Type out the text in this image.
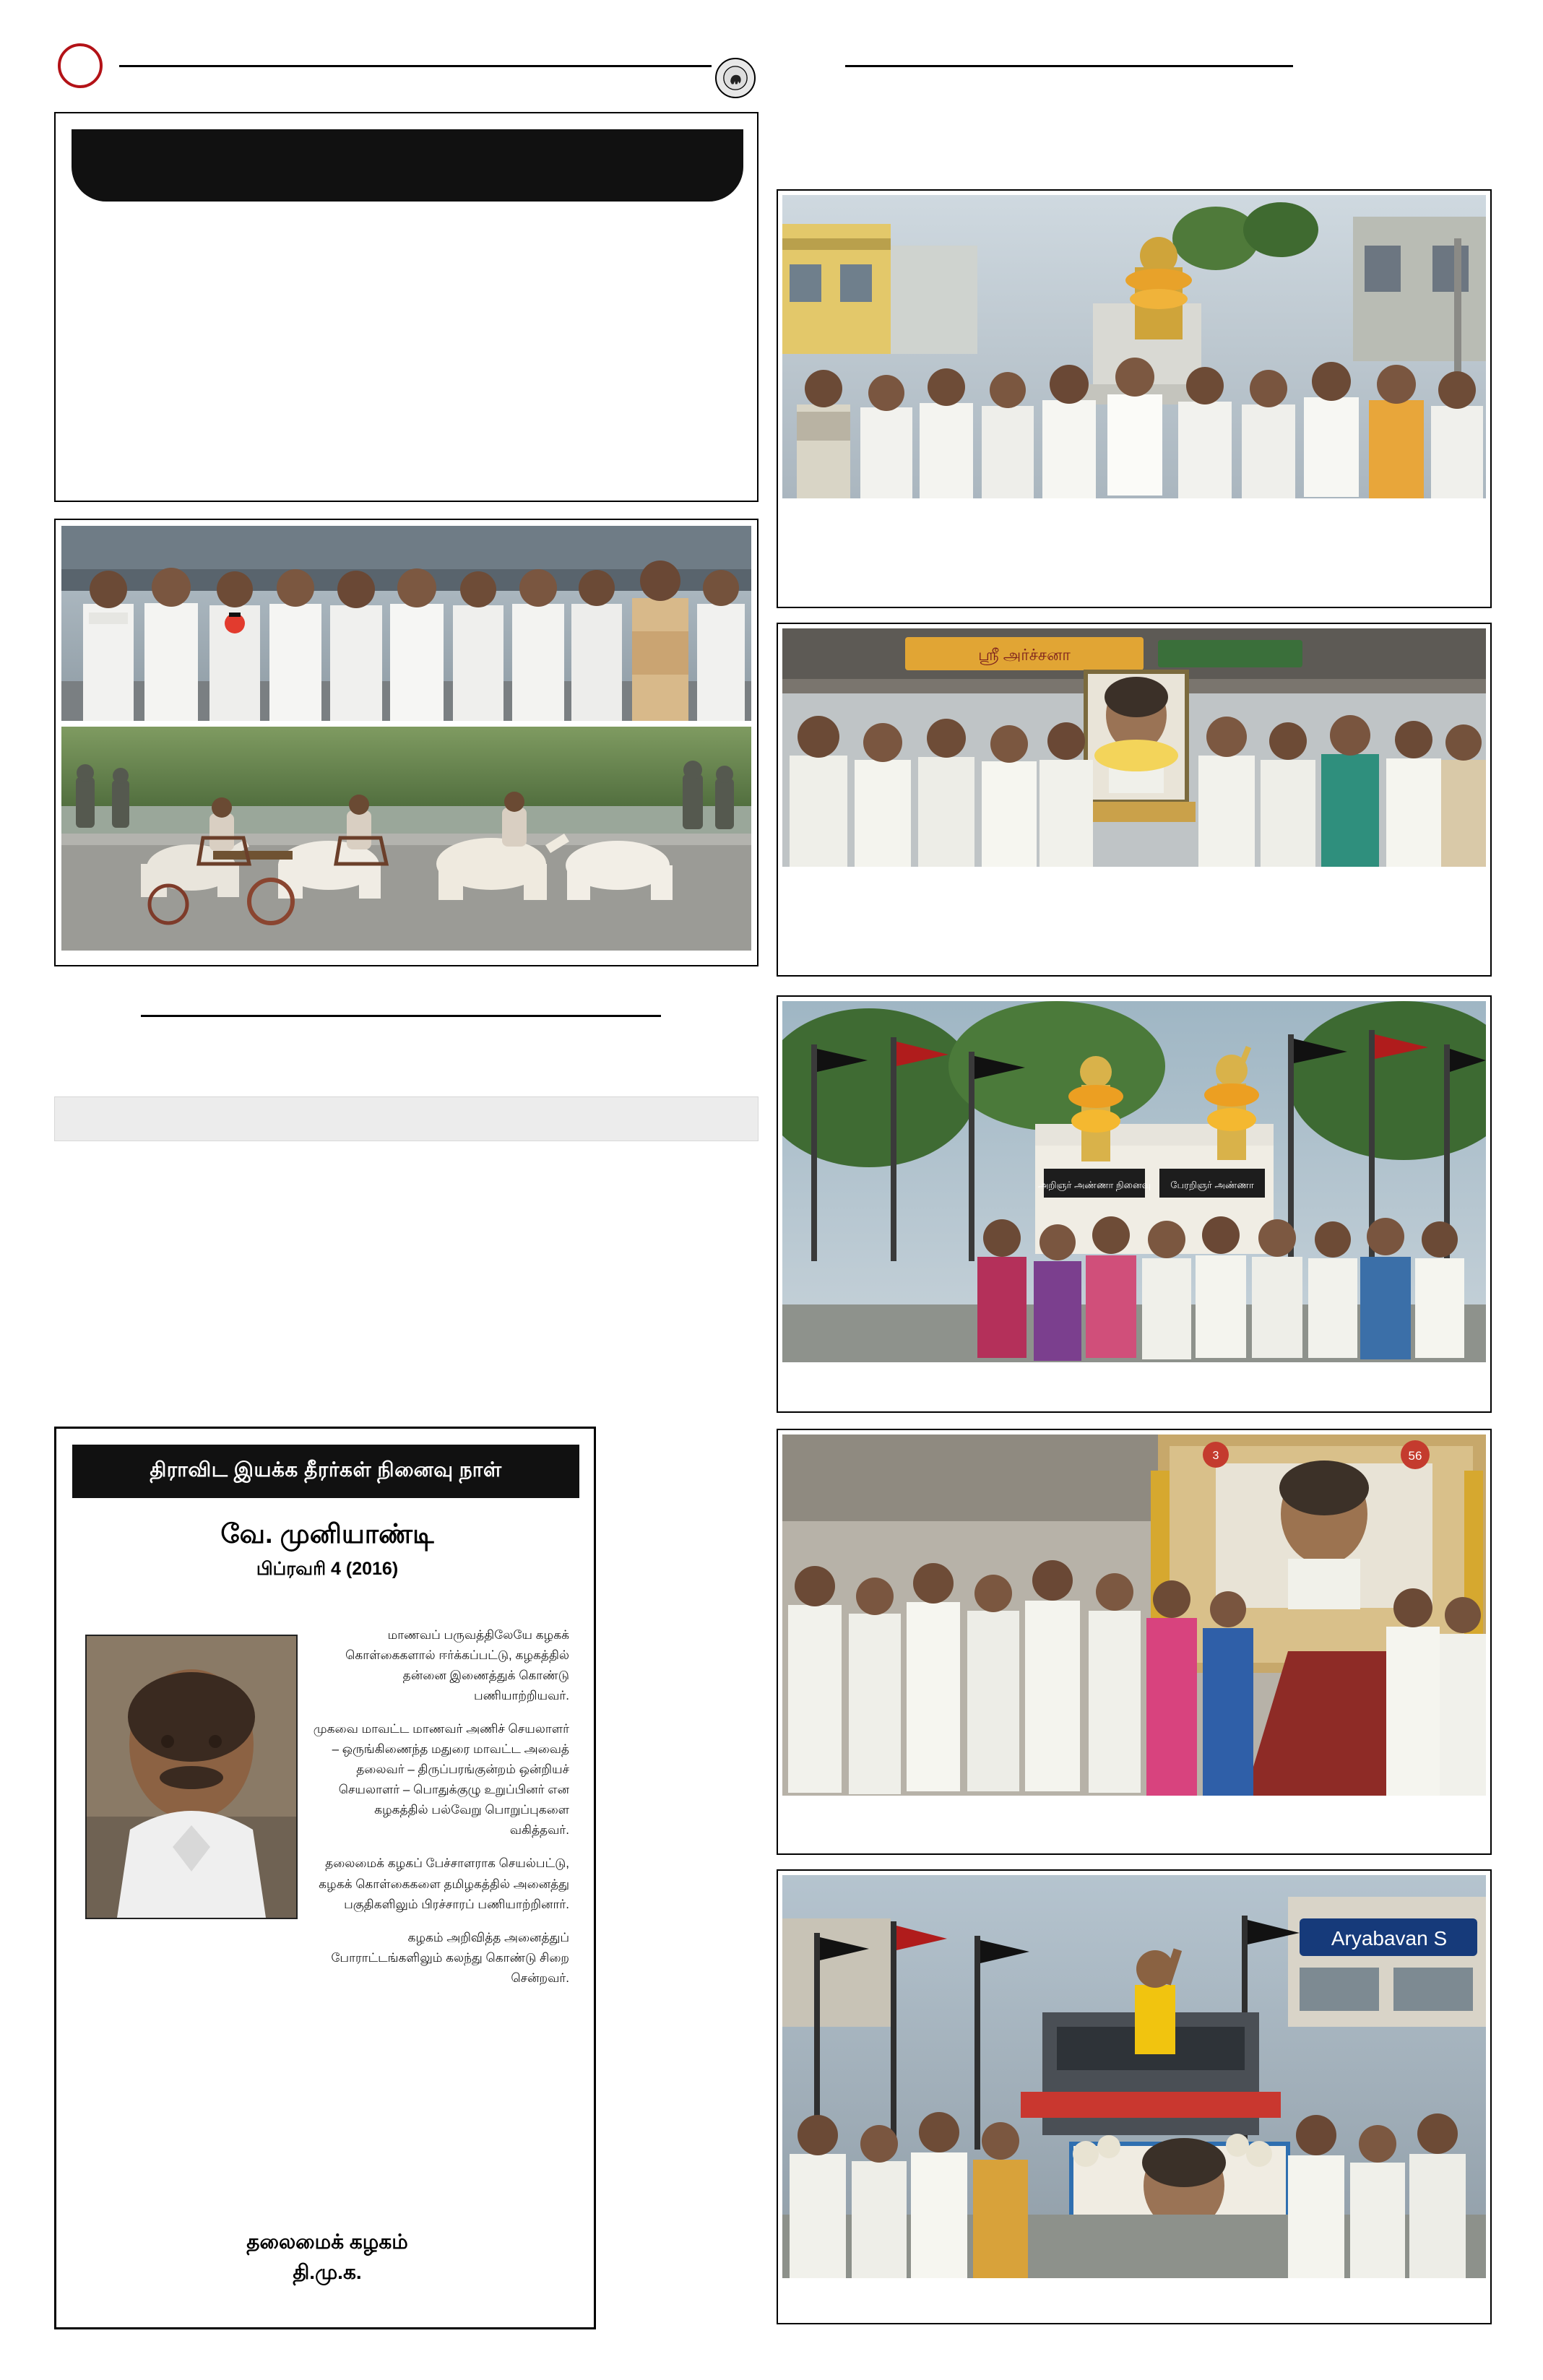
திராவிட இயக்க தீரர்கள் நினைவு நாள்
வே. முனியாண்டி
பிப்ரவரி 4 (2016)

மாணவப் பருவத்திலேயே கழகக் கொள்கைகளால் ஈர்க்கப்பட்டு, கழகத்தில் தன்னை இணைத்துக் கொண்டு பணியாற்றியவர்.

முகவை மாவட்ட மாணவர் அணிச் செயலாளர் – ஒருங்கிணைந்த மதுரை மாவட்ட அவைத் தலைவர் – திருப்பரங்குன்றம் ஒன்றியச் செயலாளர் – பொதுக்குழு உறுப்பினர் என கழகத்தில் பல்வேறு பொறுப்புகளை வகித்தவர்.

தலைமைக் கழகப் பேச்சாளராக செயல்பட்டு, கழகக் கொள்கைகளை தமிழகத்தில் அனைத்து பகுதிகளிலும் பிரச்சாரப் பணியாற்றினார்.

கழகம் அறிவித்த அனைத்துப் போராட்டங்களிலும் கலந்து கொண்டு சிறை சென்றவர்.

தலைமைக் கழகம்
தி.மு.க.
ஸ்ரீ அர்ச்சனா
அறிஞர் அண்ணா நினைவு பேரறிஞர் அண்ணா
3	56
Aryabavan S
